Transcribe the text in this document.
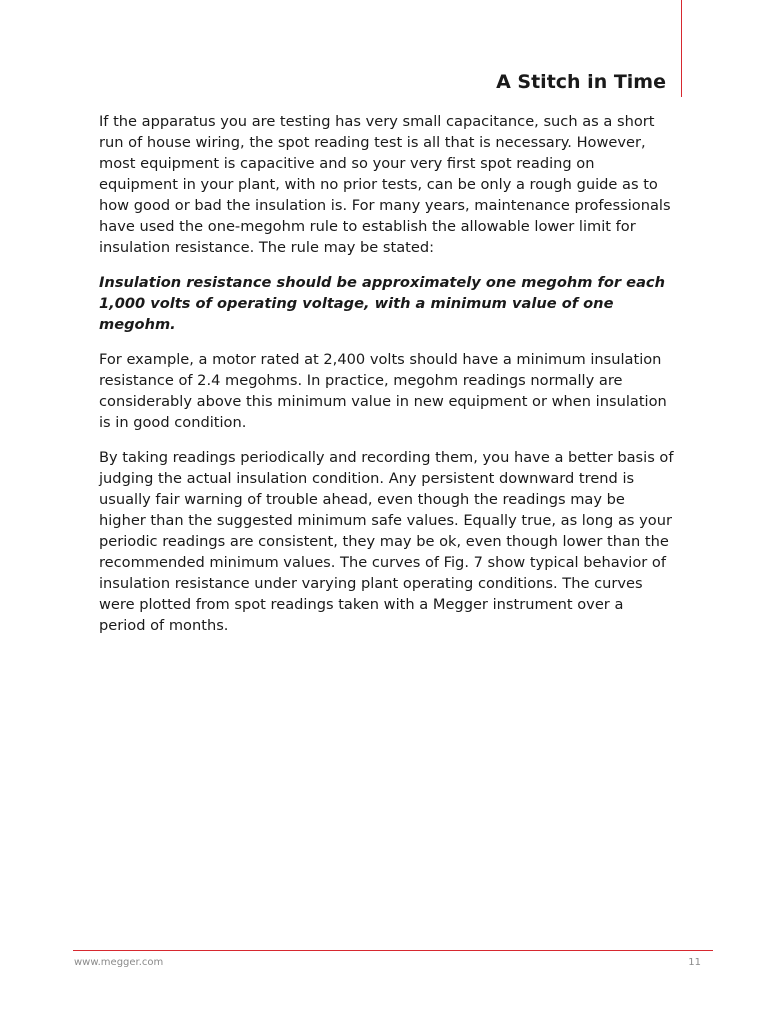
A Stitch in Time

If the apparatus you are testing has very small capacitance, such as a short run of house wiring, the spot reading test is all that is necessary. However, most equipment is capacitive and so your very first spot reading on equipment in your plant, with no prior tests, can be only a rough guide as to how good or bad the insulation is. For many years, maintenance professionals have used the one-megohm rule to establish the allowable lower limit for insulation resistance. The rule may be stated:

Insulation resistance should be approximately one megohm for each 1,000 volts of operating voltage, with a minimum value of one megohm.

For example, a motor rated at 2,400 volts should have a minimum insulation resistance of 2.4 megohms. In practice, megohm readings normally are considerably above this minimum value in new equipment or when insulation is in good condition.

By taking readings periodically and recording them, you have a better basis of judging the actual insulation condition. Any persistent downward trend is usually fair warning of trouble ahead, even though the readings may be higher than the suggested minimum safe values. Equally true, as long as your periodic readings are consistent, they may be ok, even though lower than the recommended minimum values. The curves of Fig. 7 show typical behavior of insulation resistance under varying plant operating conditions. The curves were plotted from spot readings taken with a Megger instrument over a period of months.

www.megger.com	11
